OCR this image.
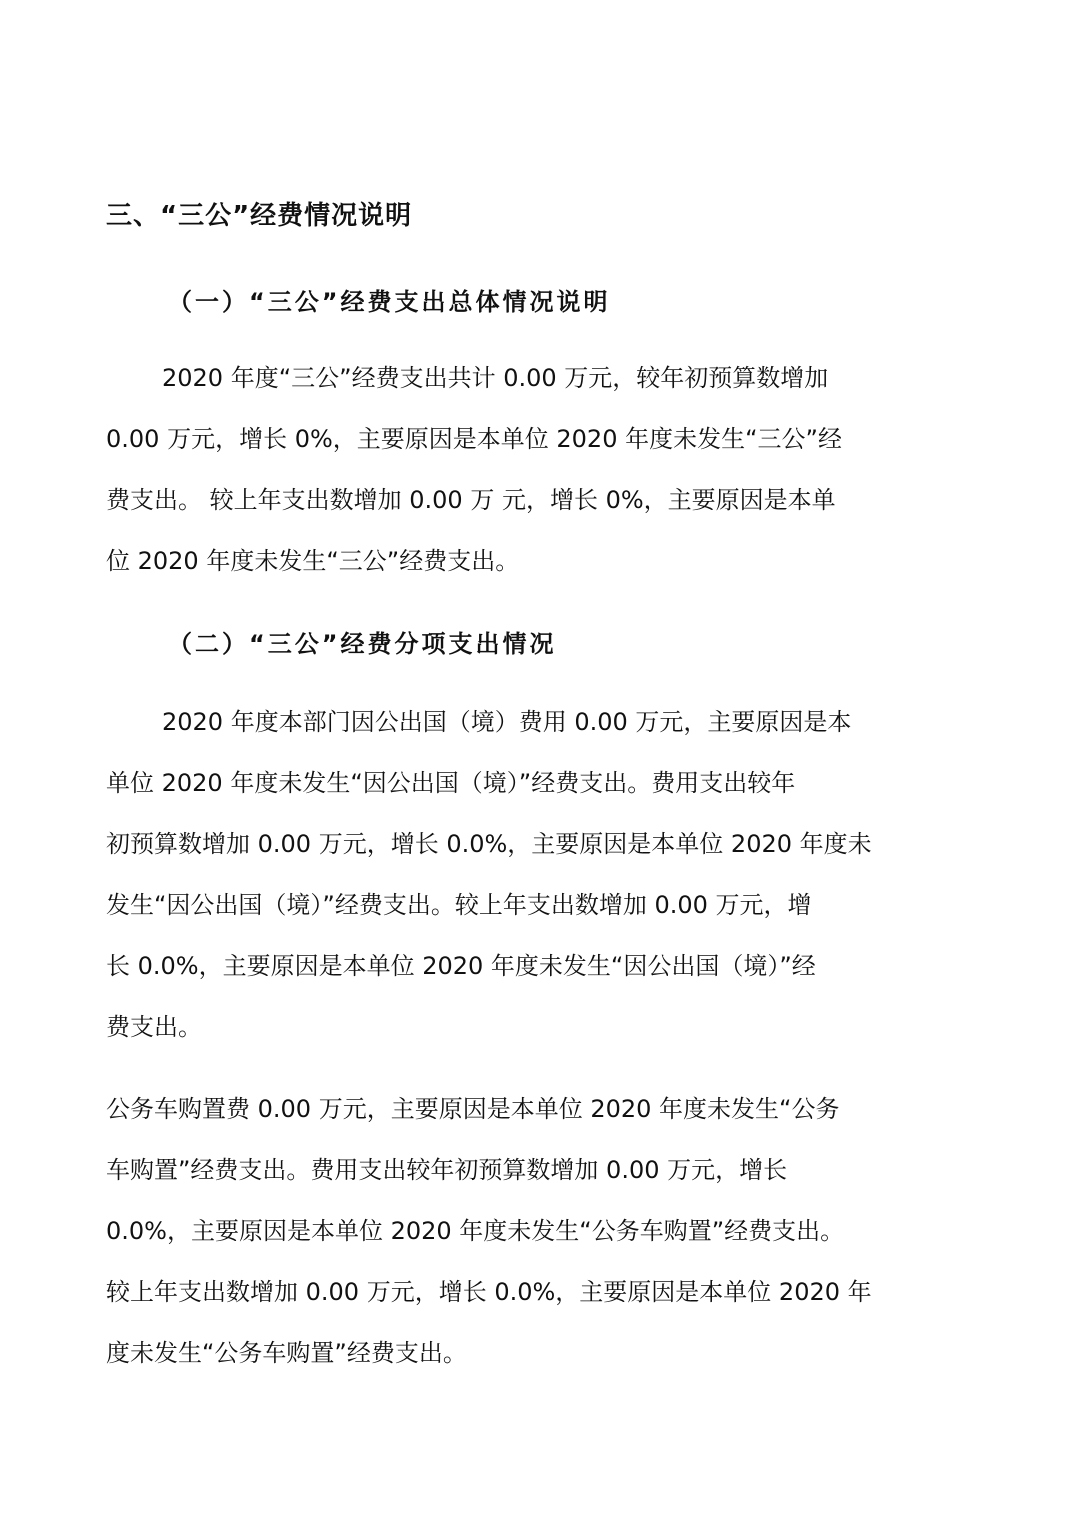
三、“三公”经费情况说明
（一）“三公”经费支出总体情况说明

2020 年度“三公”经费支出共计 0.00 万元，较年初预算数增加
0.00 万元，增长 0%，主要原因是本单位 2020 年度未发生“三公”经
费支出。 较上年支出数增加 0.00 万 元，增长 0%，主要原因是本单
位 2020 年度未发生“三公”经费支出。

（二）“三公”经费分项支出情况

2020 年度本部门因公出国（境）费用 0.00 万元，主要原因是本
单位 2020 年度未发生“因公出国（境）”经费支出。费用支出较年
初预算数增加 0.00 万元，增长 0.0%，主要原因是本单位 2020 年度未
发生“因公出国（境）”经费支出。较上年支出数增加 0.00 万元，增
长 0.0%，主要原因是本单位 2020 年度未发生“因公出国（境）”经
费支出。

公务车购置费 0.00 万元，主要原因是本单位 2020 年度未发生“公务
车购置”经费支出。费用支出较年初预算数增加 0.00 万元，增长
0.0%，主要原因是本单位 2020 年度未发生“公务车购置”经费支出。
较上年支出数增加 0.00 万元，增长 0.0%，主要原因是本单位 2020 年
度未发生“公务车购置”经费支出。
